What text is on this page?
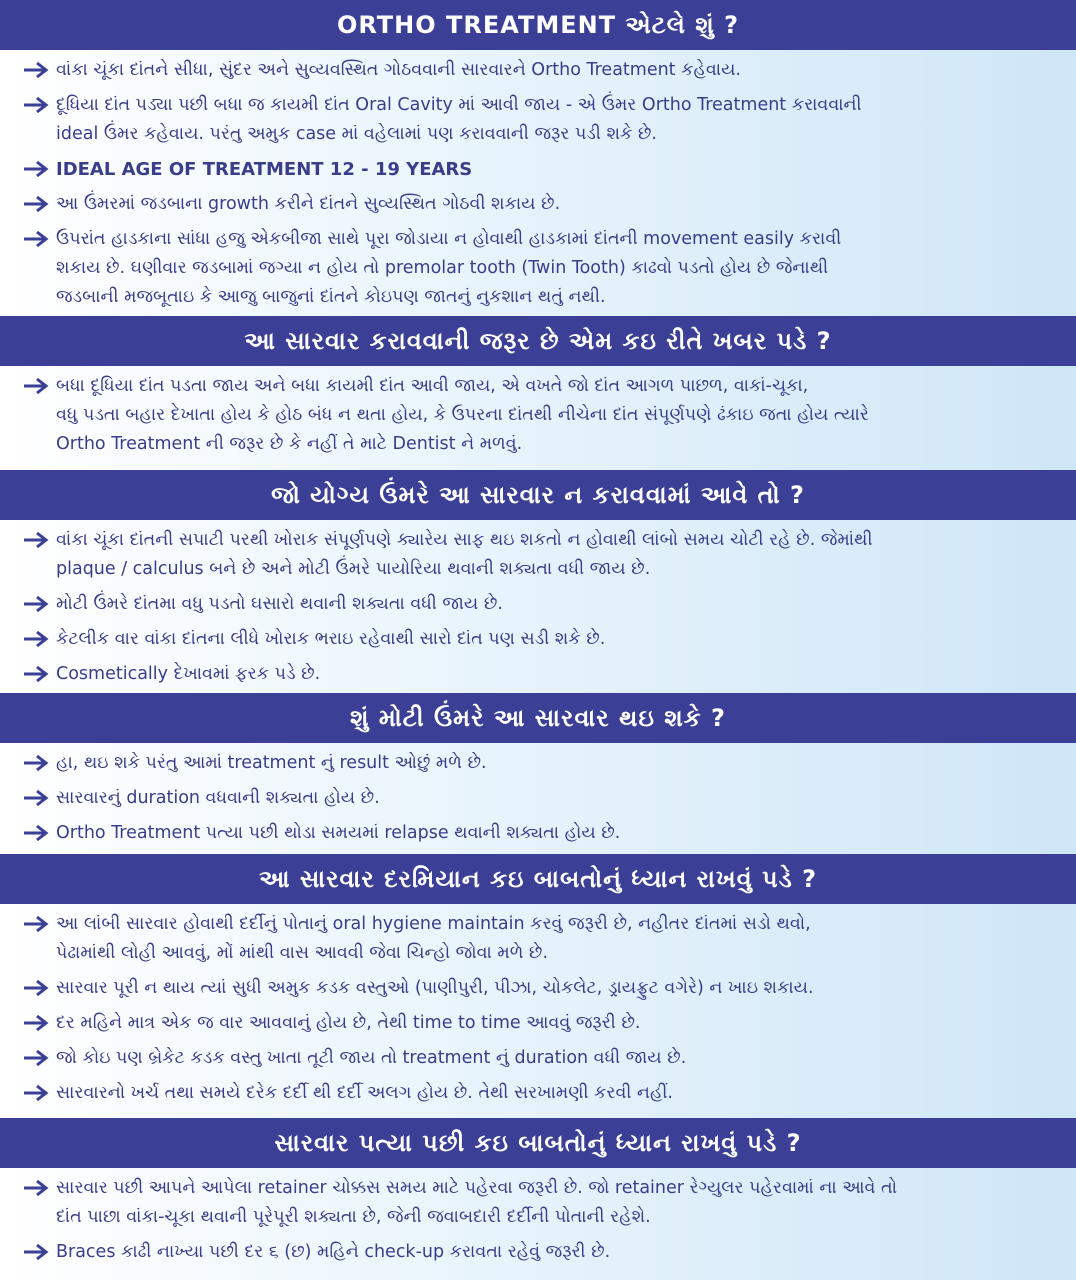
ORTHO TREATMENT એટલે શું ?
વાંકા ચૂંકા દાંતને સીધા, સુંદર અને સુવ્યવસ્થિત ગોઠવવાની સારવારને Ortho Treatment કહેવાય.
દૂધિયા દાંત પડ્યા પછી બધા જ કાયમી દાંત Oral Cavity માં આવી જાય - એ ઉંમર Ortho Treatment કરાવવાની
ideal ઉંમર કહેવાય. પરંતુ અમુક case માં વહેલામાં પણ કરાવવાની જરૂર પડી શકે છે.
IDEAL AGE OF TREATMENT 12 - 19 YEARS
આ ઉંમરમાં જડબાના growth કરીને દાંતને સુવ્યસ્થિત ગોઠવી શકાય છે.
ઉપરાંત હાડકાના સાંધા હજુ એકબીજા સાથે પૂરા જોડાયા ન હોવાથી હાડકામાં દાંતની movement easily કરાવી
શકાય છે. ઘણીવાર જડબામાં જગ્યા ન હોય તો premolar tooth (Twin Tooth) કાઢવો પડતો હોય છે જેનાથી
જડબાની મજબૂતાઇ કે આજુ બાજુનાં દાંતને કોઇપણ જાતનું નુકશાન થતું નથી.
આ સારવાર કરાવવાની જરૂર છે એમ કઇ રીતે ખબર પડે ?
બધા દૂધિયા દાંત પડતા જાય અને બધા કાયમી દાંત આવી જાય, એ વખતે જો દાંત આગળ પાછળ, વાકાં-ચૂકા,
વધુ પડતા બહાર દેખાતા હોય કે હોઠ બંધ ન થતા હોય, કે ઉપરના દાંતથી નીચેના દાંત સંપૂર્ણપણે ઢંકાઇ જતા હોય ત્યારે
Ortho Treatment ની જરૂર છે કે નહીં તે માટે Dentist ને મળવું.
જો યોગ્ય ઉંમરે આ સારવાર ન કરાવવામાં આવે તો ?
વાંકા ચૂંકા દાંતની સપાટી પરથી ખોરાક સંપૂર્ણપણે ક્યારેય સાફ થઇ શકતો ન હોવાથી લાંબો સમય ચોટી રહે છે. જેમાંથી
plaque / calculus બને છે અને મોટી ઉંમરે પાયોરિયા થવાની શક્યતા વધી જાય છે.
મોટી ઉંમરે દાંતમા વધુ પડતો ઘસારો થવાની શક્યતા વધી જાય છે.
કેટલીક વાર વાંકા દાંતના લીધે ખોરાક ભરાઇ રહેવાથી સારો દાંત પણ સડી શકે છે.
Cosmetically દેખાવમાં ફરક પડે છે.
શું મોટી ઉંમરે આ સારવાર થઇ શકે ?
હા, થઇ શકે પરંતુ આમાં treatment નું result ઓછું મળે છે.
સારવારનું duration વધવાની શક્યતા હોય છે.
Ortho Treatment પત્યા પછી થોડા સમયમાં relapse થવાની શક્યતા હોય છે.
આ સારવાર દરમિયાન કઇ બાબતોનું ધ્યાન રાખવું પડે ?
આ લાંબી સારવાર હોવાથી દર્દીનું પોતાનું oral hygiene maintain કરવું જરૂરી છે, નહીતર દાંતમાં સડો થવો,
પેઢામાંથી લોહી આવવું, મોં માંથી વાસ આવવી જેવા ચિન્હો જોવા મળે છે.
સારવાર પૂરી ન થાય ત્યાં સુધી અમુક કડક વસ્તુઓ (પાણીપુરી, પીઝા, ચોકલેટ, ડ્રાયફ્રુટ વગેરે) ન ખાઇ શકાય.
દર મહિને માત્ર એક જ વાર આવવાનું હોય છે, તેથી time to time આવવું જરૂરી છે.
જો કોઇ પણ બ્રેકેટ કડક વસ્તુ ખાતા તૂટી જાય તો treatment નું duration વધી જાય છે.
સારવારનો ખર્ચ તથા સમયે દરેક દર્દી થી દર્દી અલગ હોય છે. તેથી સરખામણી કરવી નહીં.
સારવાર પત્યા પછી કઇ બાબતોનું ધ્યાન રાખવું પડે ?
સારવાર પછી આપને આપેલા retainer ચોક્કસ સમય માટે પહેરવા જરૂરી છે. જો retainer રેગ્યુલર પહેરવામાં ના આવે તો
દાંત પાછા વાંકા-ચૂકા થવાની પૂરેપૂરી શક્યતા છે, જેની જવાબદારી દર્દીની પોતાની રહેશે.
Braces કાઢી નાખ્યા પછી દર ૬ (છ) મહિને check-up કરાવતા રહેવું જરૂરી છે.
